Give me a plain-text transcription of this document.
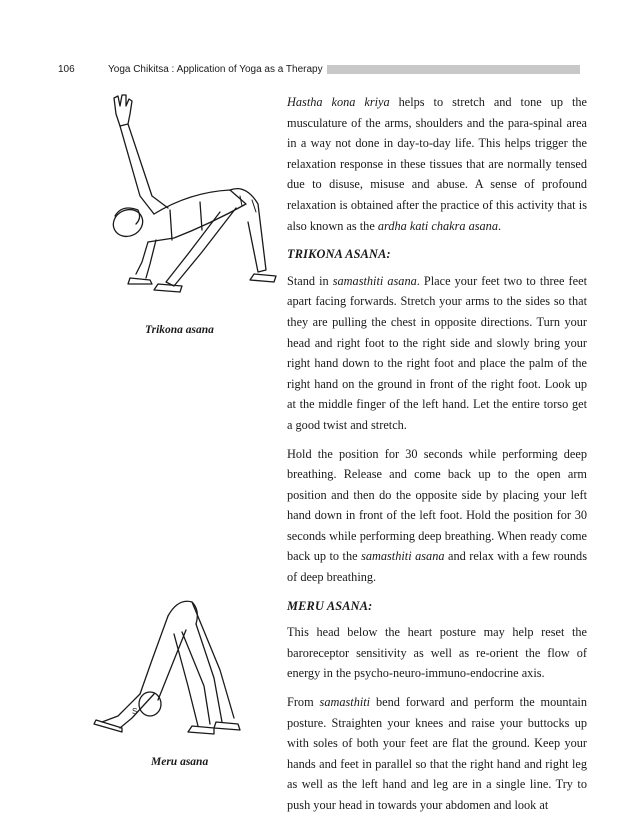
106	Yoga Chikitsa : Application of Yoga as a Therapy
Trikona asana
S
Meru asana

Hastha kona kriya helps to stretch and tone up the musculature of the arms, shoulders and the para-spinal area in a way not done in day-to-day life. This helps trigger the relaxation response in these tissues that are normally tensed due to disuse, misuse and abuse. A sense of profound relaxation is obtained after the practice of this activity that is also known as the ardha kati chakra asana.

TRIKONA ASANA:

Stand in samasthiti asana. Place your feet two to three feet apart facing forwards. Stretch your arms to the sides so that they are pulling the chest in opposite directions. Turn your head and right foot to the right side and slowly bring your right hand down to the right foot and place the palm of the right hand on the ground in front of the right foot. Look up at the middle finger of the left hand. Let the entire torso get a good twist and stretch.

Hold the position for 30 seconds while performing deep breathing. Release and come back up to the open arm position and then do the opposite side by placing your left hand down in front of the left foot. Hold the position for 30 seconds while performing deep breathing. When ready come back up to the samasthiti asana and relax with a few rounds of deep breathing.

MERU ASANA:

This head below the heart posture may help reset the baroreceptor sensitivity as well as re-orient the flow of energy in the psycho-neuro-immuno-endocrine axis.

From samasthiti bend forward and perform the mountain posture. Straighten your knees and raise your buttocks up with soles of both your feet are flat the ground. Keep your hands and feet in parallel so that the right hand and right leg as well as the left hand and leg are in a single line. Try to push your head in towards your abdomen and look at
